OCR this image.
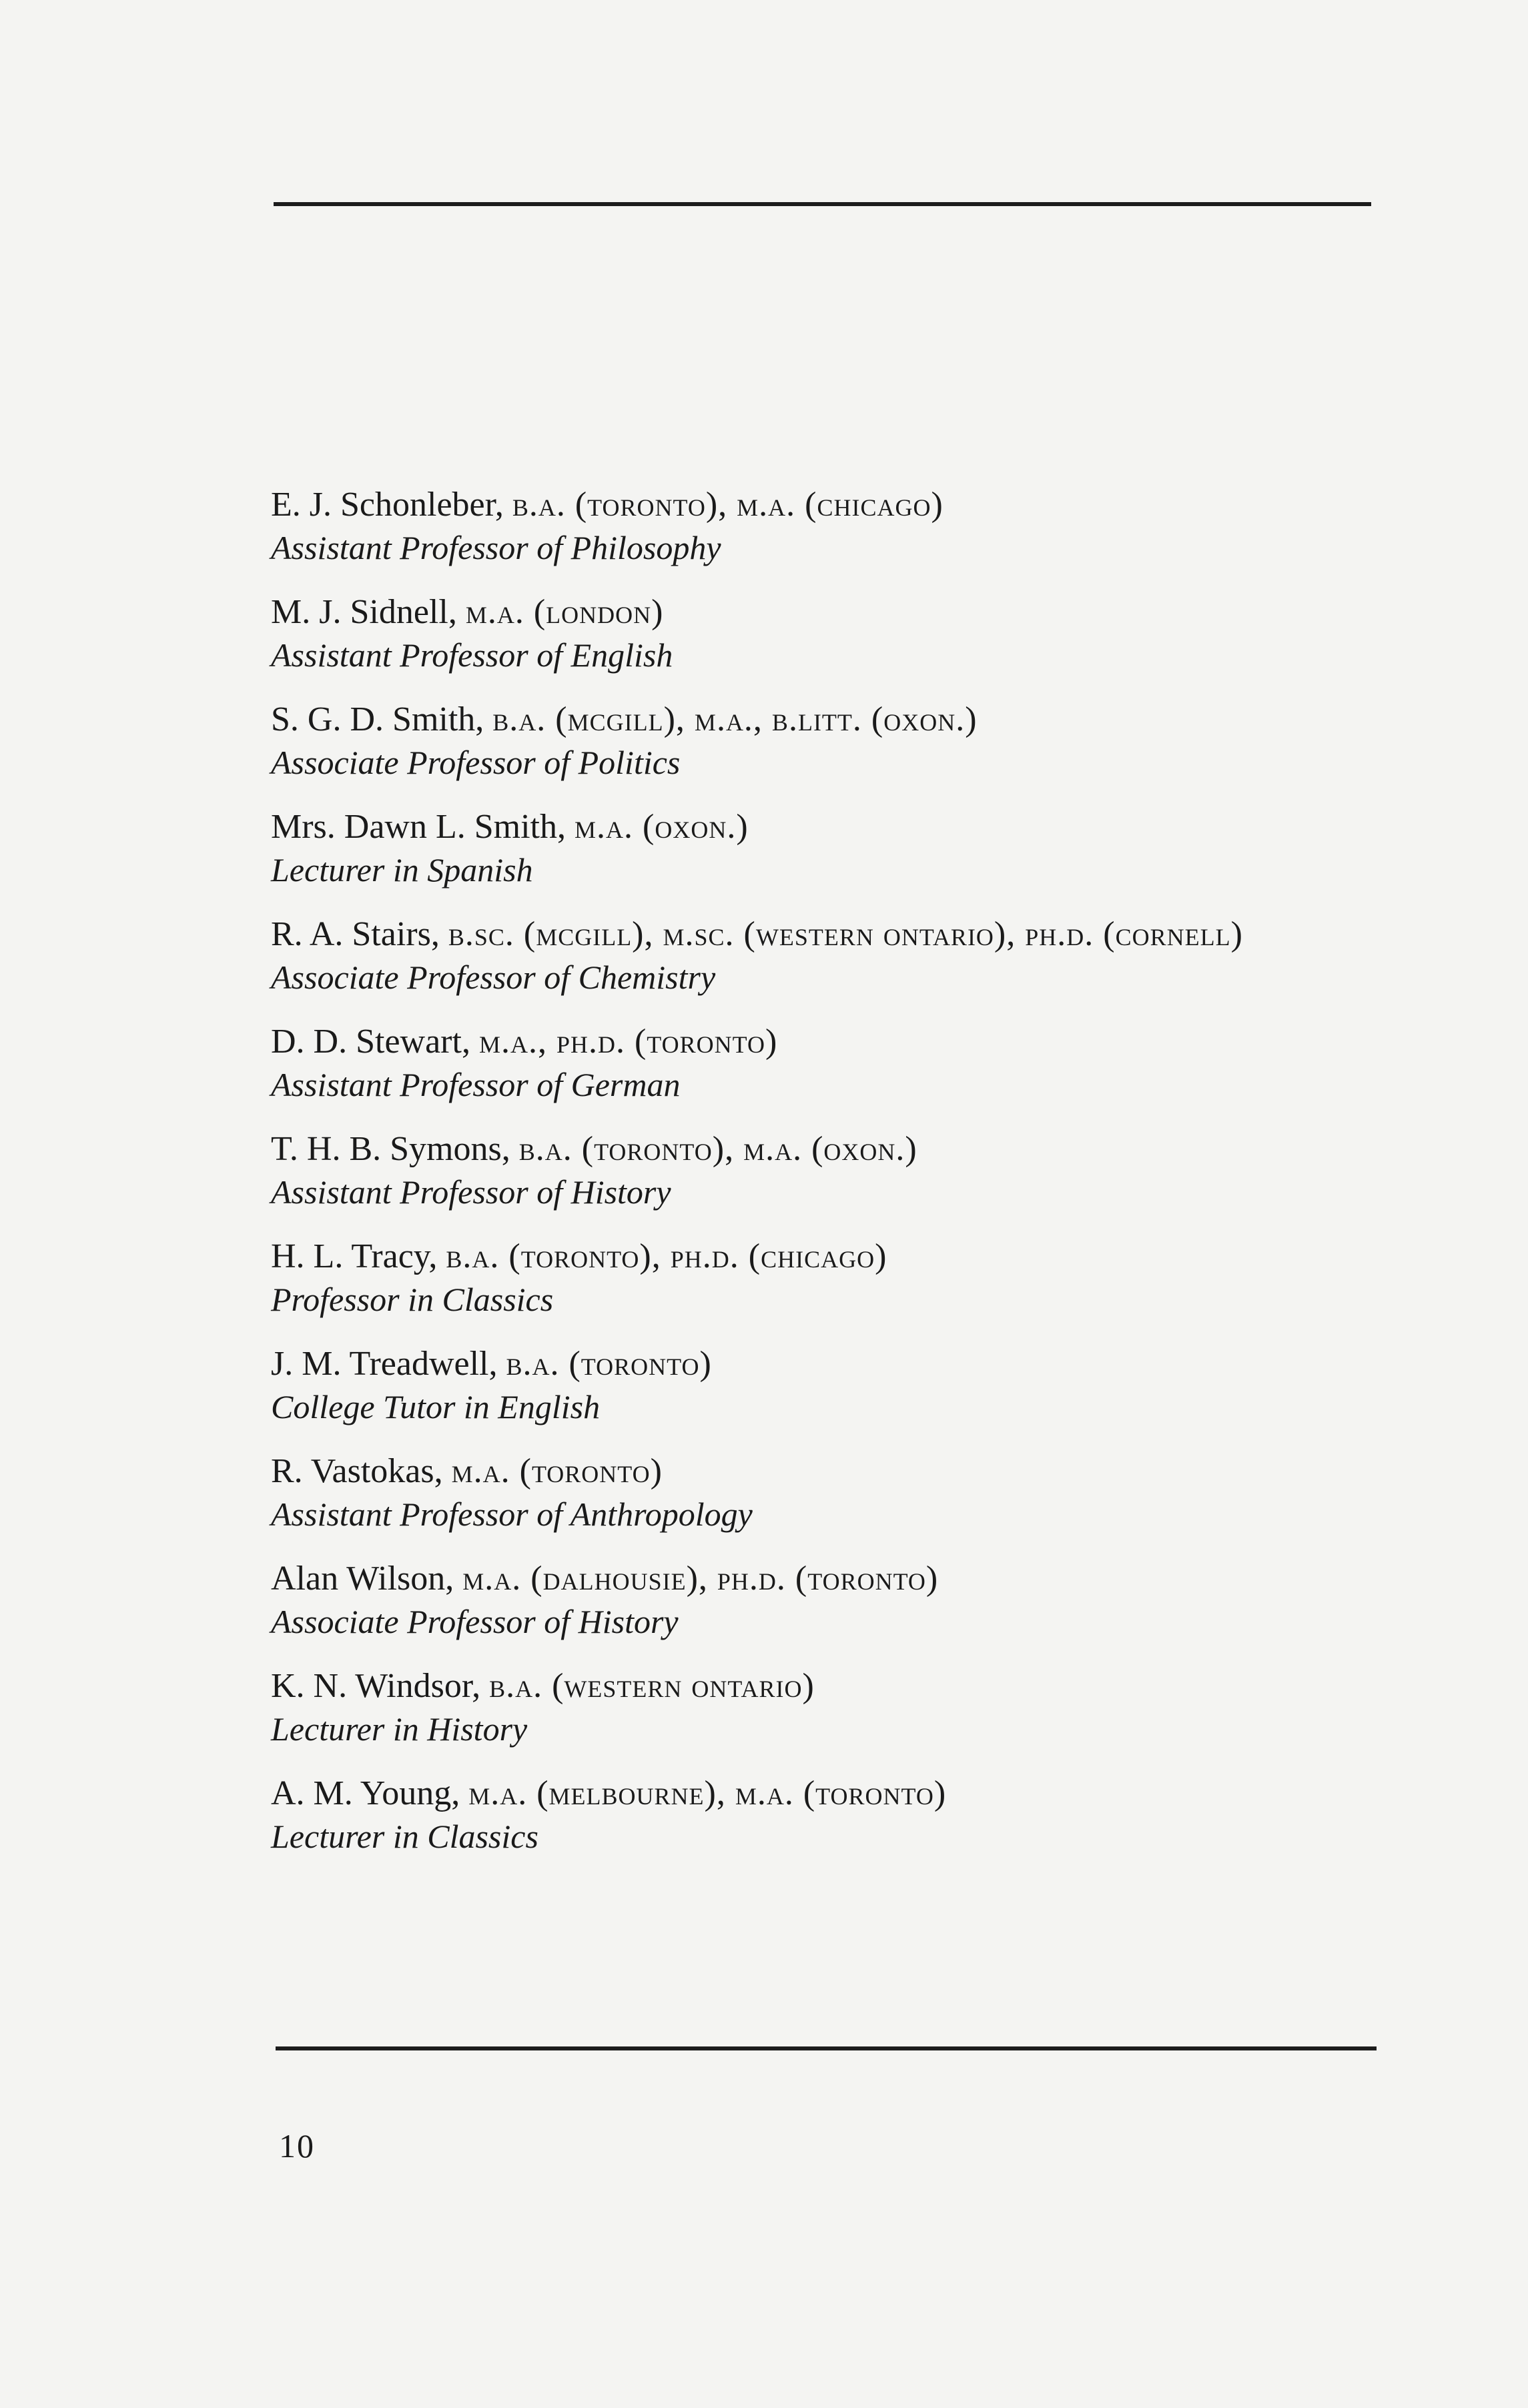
E. J. Schonleber, b.a. (toronto), m.a. (chicago)
Assistant Professor of Philosophy
M. J. Sidnell, m.a. (london)
Assistant Professor of English
S. G. D. Smith, b.a. (mcgill), m.a., b.litt. (oxon.)
Associate Professor of Politics
Mrs. Dawn L. Smith, m.a. (oxon.)
Lecturer in Spanish
R. A. Stairs, b.sc. (mcgill), m.sc. (western ontario), ph.d. (cornell)
Associate Professor of Chemistry
D. D. Stewart, m.a., ph.d. (toronto)
Assistant Professor of German
T. H. B. Symons, b.a. (toronto), m.a. (oxon.)
Assistant Professor of History
H. L. Tracy, b.a. (toronto), ph.d. (chicago)
Professor in Classics
J. M. Treadwell, b.a. (toronto)
College Tutor in English
R. Vastokas, m.a. (toronto)
Assistant Professor of Anthropology
Alan Wilson, m.a. (dalhousie), ph.d. (toronto)
Associate Professor of History
K. N. Windsor, b.a. (western ontario)
Lecturer in History
A. M. Young, m.a. (melbourne), m.a. (toronto)
Lecturer in Classics
10
